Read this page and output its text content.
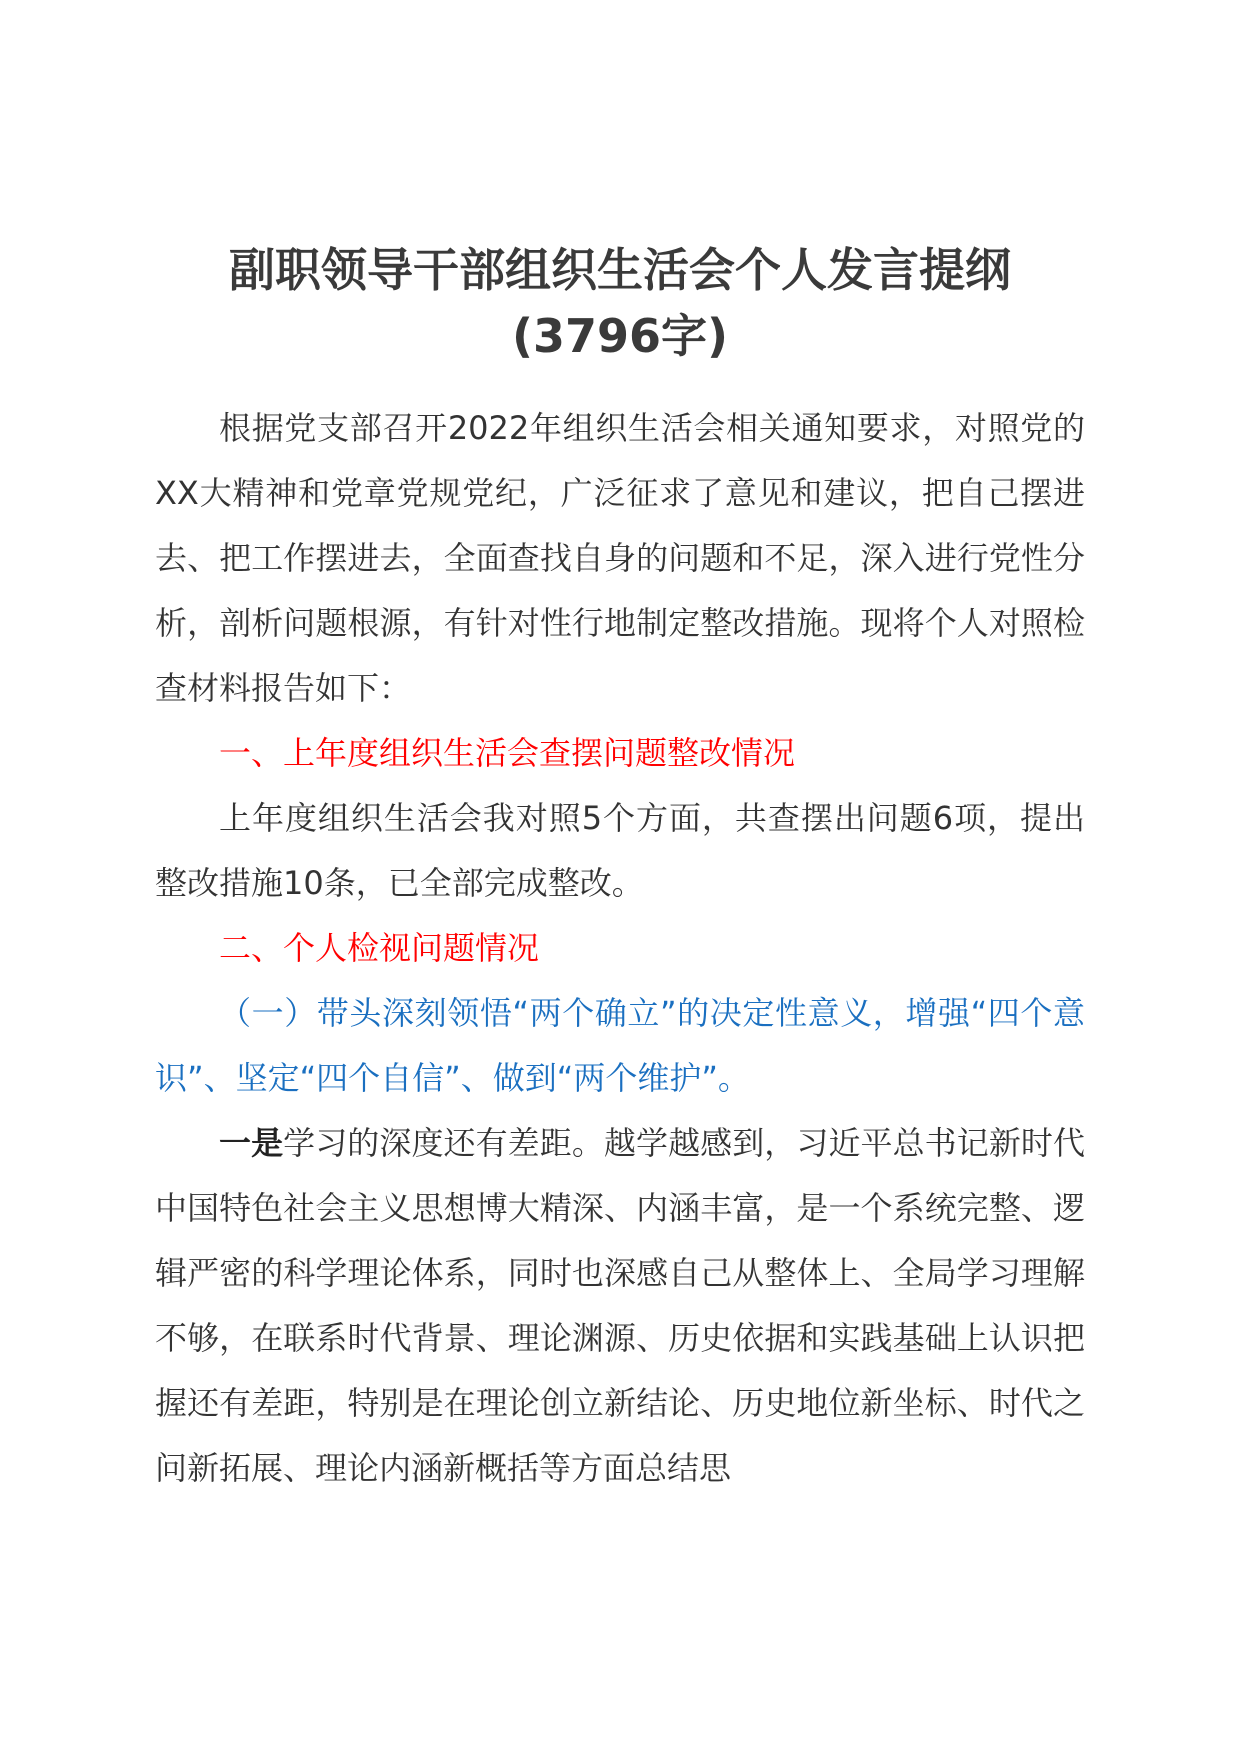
副职领导干部组织生活会个人发言提纲
(3796字)

根据党支部召开2022年组织生活会相关通知要求，对照党的XX大精神和党章党规党纪，广泛征求了意见和建议，把自己摆进去、把工作摆进去，全面查找自身的问题和不足，深入进行党性分析，剖析问题根源，有针对性行地制定整改措施。现将个人对照检查材料报告如下：

一、上年度组织生活会查摆问题整改情况

上年度组织生活会我对照5个方面，共查摆出问题6项，提出整改措施10条，已全部完成整改。

二、个人检视问题情况

（一）带头深刻领悟“两个确立”的决定性意义，增强“四个意识”、坚定“四个自信”、做到“两个维护”。

一是学习的深度还有差距。越学越感到，习近平总书记新时代中国特色社会主义思想博大精深、内涵丰富，是一个系统完整、逻辑严密的科学理论体系，同时也深感自己从整体上、全局学习理解不够，在联系时代背景、理论渊源、历史依据和实践基础上认识把握还有差距，特别是在理论创立新结论、历史地位新坐标、时代之问新拓展、理论内涵新概括等方面总结思
